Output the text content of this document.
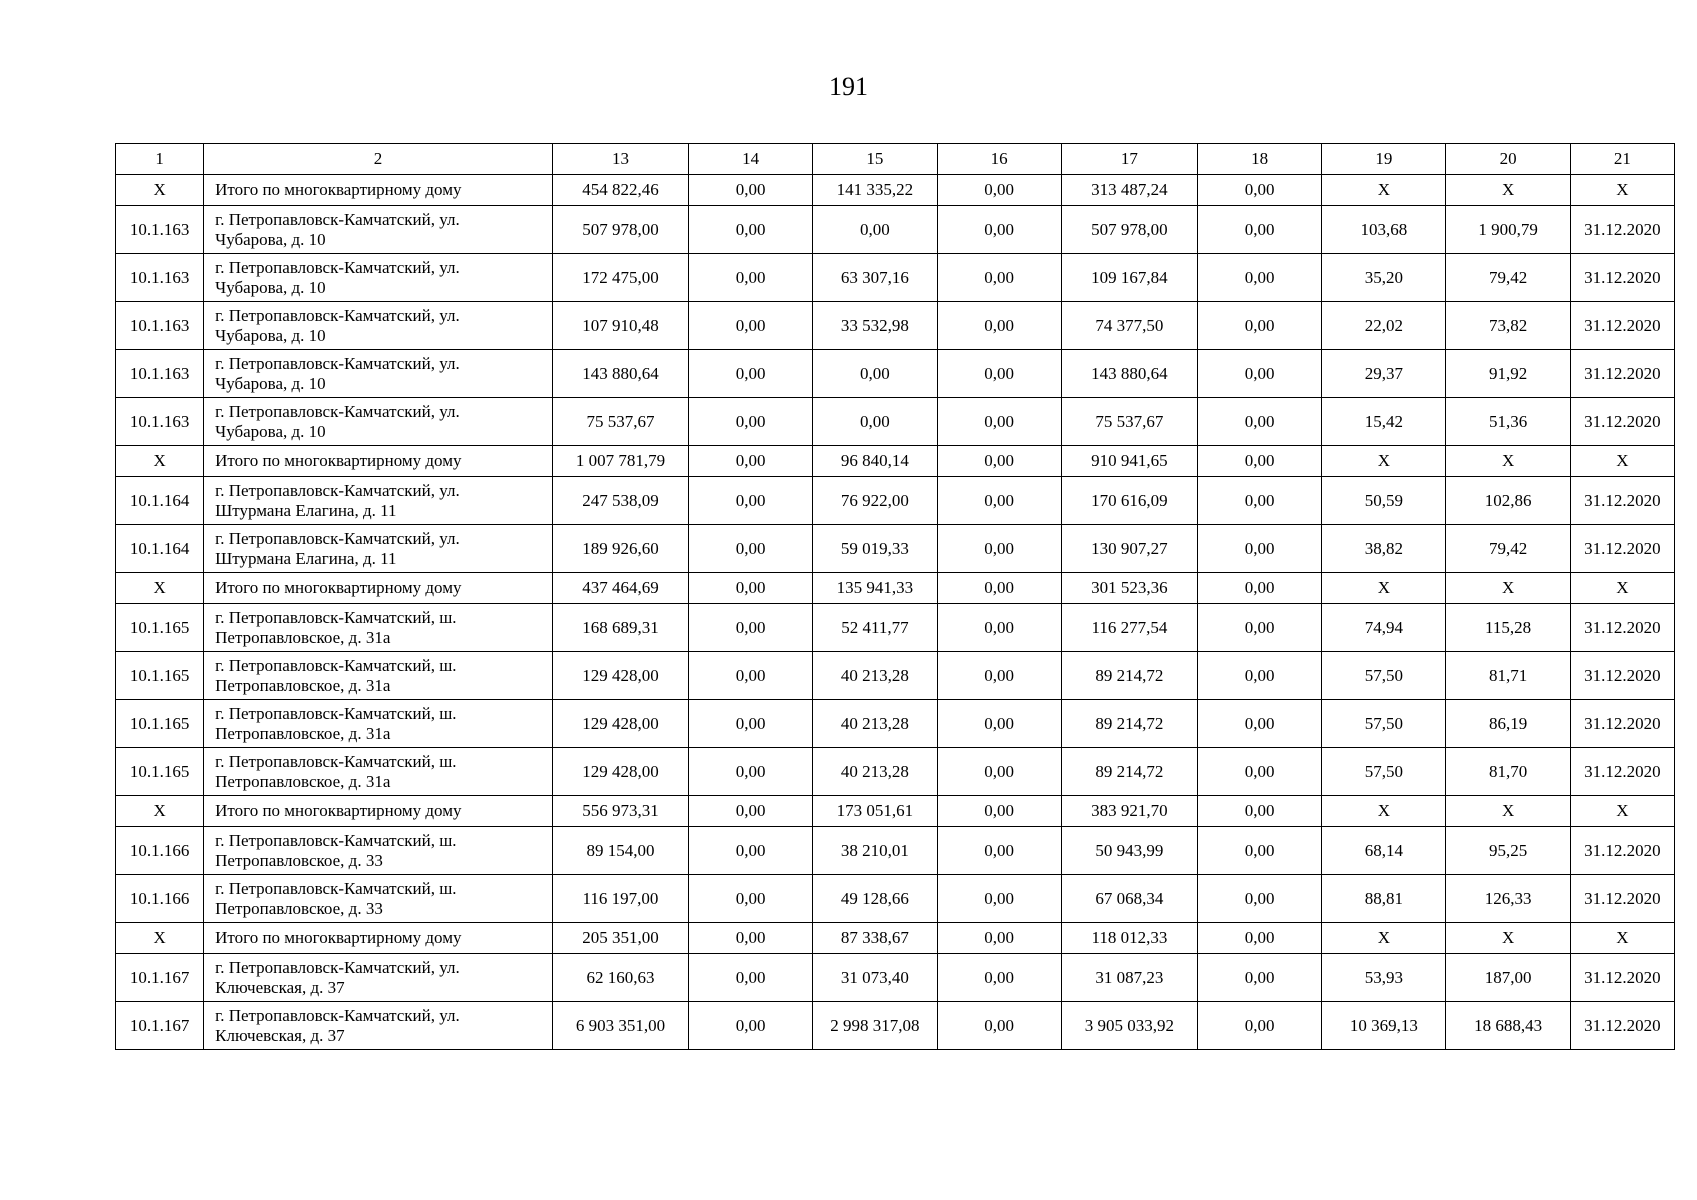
191
1	2	13	14	15	16	17	18	19	20	21
X	Итого по многоквартирному дому	454 822,46	0,00	141 335,22	0,00	313 487,24	0,00	X	X	X
10.1.163	г. Петропавловск-Камчатский, ул.
Чубарова, д. 10	507 978,00	0,00	0,00	0,00	507 978,00	0,00	103,68	1 900,79	31.12.2020
10.1.163	г. Петропавловск-Камчатский, ул.
Чубарова, д. 10	172 475,00	0,00	63 307,16	0,00	109 167,84	0,00	35,20	79,42	31.12.2020
10.1.163	г. Петропавловск-Камчатский, ул.
Чубарова, д. 10	107 910,48	0,00	33 532,98	0,00	74 377,50	0,00	22,02	73,82	31.12.2020
10.1.163	г. Петропавловск-Камчатский, ул.
Чубарова, д. 10	143 880,64	0,00	0,00	0,00	143 880,64	0,00	29,37	91,92	31.12.2020
10.1.163	г. Петропавловск-Камчатский, ул.
Чубарова, д. 10	75 537,67	0,00	0,00	0,00	75 537,67	0,00	15,42	51,36	31.12.2020
X	Итого по многоквартирному дому	1 007 781,79	0,00	96 840,14	0,00	910 941,65	0,00	X	X	X
10.1.164	г. Петропавловск-Камчатский, ул.
Штурмана Елагина, д. 11	247 538,09	0,00	76 922,00	0,00	170 616,09	0,00	50,59	102,86	31.12.2020
10.1.164	г. Петропавловск-Камчатский, ул.
Штурмана Елагина, д. 11	189 926,60	0,00	59 019,33	0,00	130 907,27	0,00	38,82	79,42	31.12.2020
X	Итого по многоквартирному дому	437 464,69	0,00	135 941,33	0,00	301 523,36	0,00	X	X	X
10.1.165	г. Петропавловск-Камчатский, ш.
Петропавловское, д. 31а	168 689,31	0,00	52 411,77	0,00	116 277,54	0,00	74,94	115,28	31.12.2020
10.1.165	г. Петропавловск-Камчатский, ш.
Петропавловское, д. 31а	129 428,00	0,00	40 213,28	0,00	89 214,72	0,00	57,50	81,71	31.12.2020
10.1.165	г. Петропавловск-Камчатский, ш.
Петропавловское, д. 31а	129 428,00	0,00	40 213,28	0,00	89 214,72	0,00	57,50	86,19	31.12.2020
10.1.165	г. Петропавловск-Камчатский, ш.
Петропавловское, д. 31а	129 428,00	0,00	40 213,28	0,00	89 214,72	0,00	57,50	81,70	31.12.2020
X	Итого по многоквартирному дому	556 973,31	0,00	173 051,61	0,00	383 921,70	0,00	X	X	X
10.1.166	г. Петропавловск-Камчатский, ш.
Петропавловское, д. 33	89 154,00	0,00	38 210,01	0,00	50 943,99	0,00	68,14	95,25	31.12.2020
10.1.166	г. Петропавловск-Камчатский, ш.
Петропавловское, д. 33	116 197,00	0,00	49 128,66	0,00	67 068,34	0,00	88,81	126,33	31.12.2020
X	Итого по многоквартирному дому	205 351,00	0,00	87 338,67	0,00	118 012,33	0,00	X	X	X
10.1.167	г. Петропавловск-Камчатский, ул.
Ключевская, д. 37	62 160,63	0,00	31 073,40	0,00	31 087,23	0,00	53,93	187,00	31.12.2020
10.1.167	г. Петропавловск-Камчатский, ул.
Ключевская, д. 37	6 903 351,00	0,00	2 998 317,08	0,00	3 905 033,92	0,00	10 369,13	18 688,43	31.12.2020
